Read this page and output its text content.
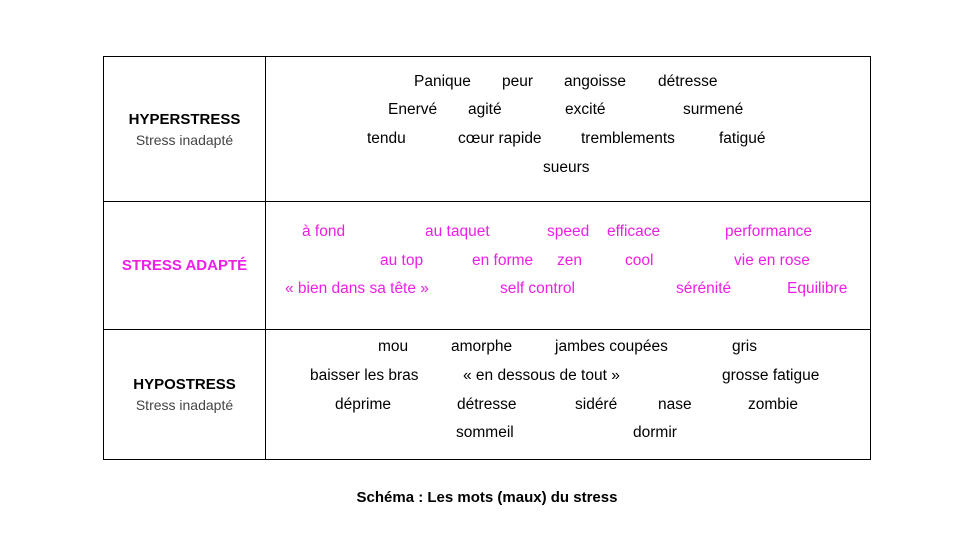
HYPERSTRESS
Stress inadapté
Panique peur angoisse détresse
Enervé agité	excité	surmené
tendu	cœur rapide	tremblements	fatigué
sueurs
STRESS ADAPTÉ
à fond	au taquet	speed efficace	performance
au top	en forme zen	cool	vie en rose
« bien dans sa tête »	self control	sérénité	Equilibre
HYPOSTRESS
Stress inadapté
mou	amorphe	jambes coupées	gris
baisser les bras	« en dessous de tout »	grosse fatigue
déprime	détresse	sidéré	nase	zombie
sommeil	dormir
Schéma : Les mots (maux) du stress
